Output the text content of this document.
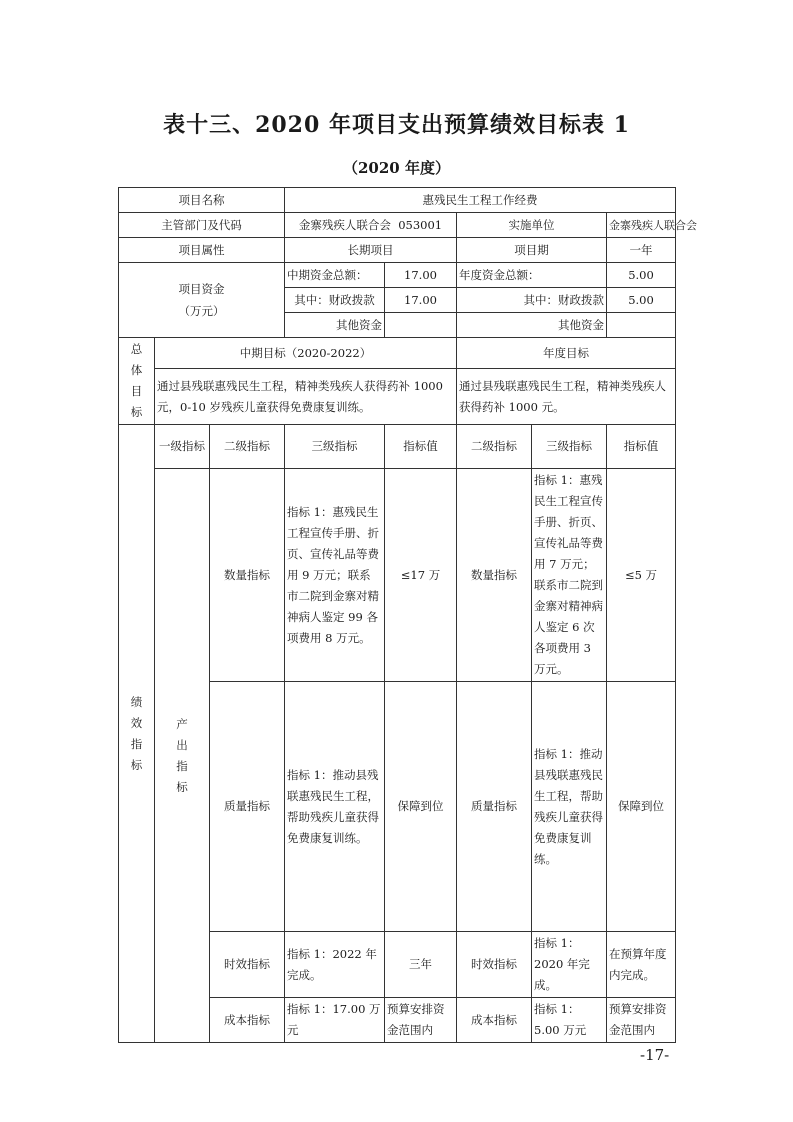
表十三、2020 年项目支出预算绩效目标表 1
（2020 年度）
项目名称			惠残民生工程工作经费				
主管部门及代码			金寨残疾人联合会 053001		实施单位		金寨残疾人联合会
项目属性			长期项目		项目期		一年

项目资金
（万元）			中期资金总额：	17.00	年度资金总额：		5.00
			其中：财政拨款	17.00	其中：财政拨款		5.00
			其他资金		其他资金		

总
体
目
标	中期目标（2020-2022）				年度目标		
	通过县残联惠残民生工程，精神类残疾人获得药补 1000 元，0-10 岁残疾儿童获得免费康复训练。				通过县残联惠残民生工程，精神类残疾人获得药补 1000 元。		

绩
效
指
标	一级指标	二级指标	三级指标	指标值	二级指标	三级指标	指标值

	产
出
指
标	数量指标	指标 1：惠残民生工程宣传手册、折页、宣传礼品等费用 9 万元；联系市二院到金寨对精神病人鉴定 99 各项费用 8 万元。	≤17 万	数量指标	指标 1：惠残民生工程宣传手册、折页、宣传礼品等费用 7 万元；联系市二院到金寨对精神病人鉴定 6 次各项费用 3 万元。	≤5 万
		质量指标	指标 1：推动县残联惠残民生工程，帮助残疾儿童获得免费康复训练。	保障到位	质量指标	指标 1：推动县残联惠残民生工程，帮助残疾儿童获得免费康复训练。	保障到位
		时效指标	指标 1：2022 年完成。	三年	时效指标	指标 1：2020 年完成。	在预算年度内完成。
		成本指标	指标 1：17.00 万元	预算安排资金范围内	成本指标	指标 1：5.00 万元	预算安排资金范围内
-17-
